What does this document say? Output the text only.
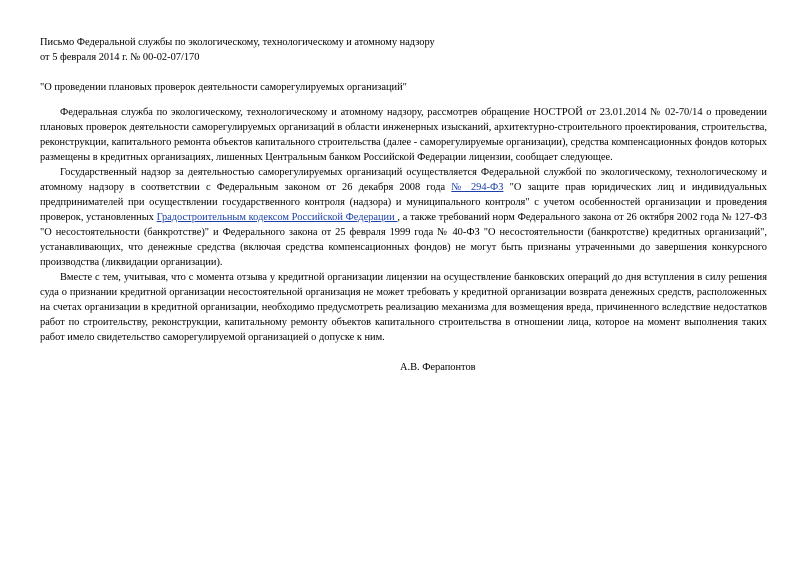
Письмо Федеральной службы по экологическому, технологическому и атомному надзору

от 5 февраля 2014 г. № 00-02-07/170

"О проведении плановых проверок деятельности саморегулируемых организаций"

Федеральная служба по экологическому, технологическому и атомному надзору, рассмотрев обращение НОСТРОЙ от 23.01.2014 № 02-70/14 о проведении плановых проверок деятельности саморегулируемых организаций в области инженерных изысканий, архитектурно-строительного проектирования, строительства, реконструкции, капитального ремонта объектов капитального строительства (далее - саморегулируемые организации), средства компенсационных фондов которых размещены в кредитных организациях, лишенных Центральным банком Российской Федерации лицензии, сообщает следующее.

Государственный надзор за деятельностью саморегулируемых организаций осуществляется Федеральной службой по экологическому, технологическому и атомному надзору в соответствии с Федеральным законом от 26 декабря 2008 года № 294-ФЗ "О защите прав юридических лиц и индивидуальных предпринимателей при осуществлении государственного контроля (надзора) и муниципального контроля" с учетом особенностей организации и проведения проверок, установленных Градостроительным кодексом Российской Федерации , а также требований норм Федерального закона от 26 октября 2002 года № 127-ФЗ "О несостоятельности (банкротстве)" и Федерального закона от 25 февраля 1999 года № 40-ФЗ "О несостоятельности (банкротстве) кредитных организаций", устанавливающих, что денежные средства (включая средства компенсационных фондов) не могут быть признаны утраченными до завершения конкурсного производства (ликвидации организации).

Вместе с тем, учитывая, что с момента отзыва у кредитной организации лицензии на осуществление банковских операций до дня вступления в силу решения суда о признании кредитной организации несостоятельной организация не может требовать у кредитной организации возврата денежных средств, расположенных на счетах организации в кредитной организации, необходимо предусмотреть реализацию механизма для возмещения вреда, причиненного вследствие недостатков работ по строительству, реконструкции, капитальному ремонту объектов капитального строительства в отношении лица, которое на момент выполнения таких работ имело свидетельство саморегулируемой организацией о допуске к ним.

А.В. Ферапонтов
